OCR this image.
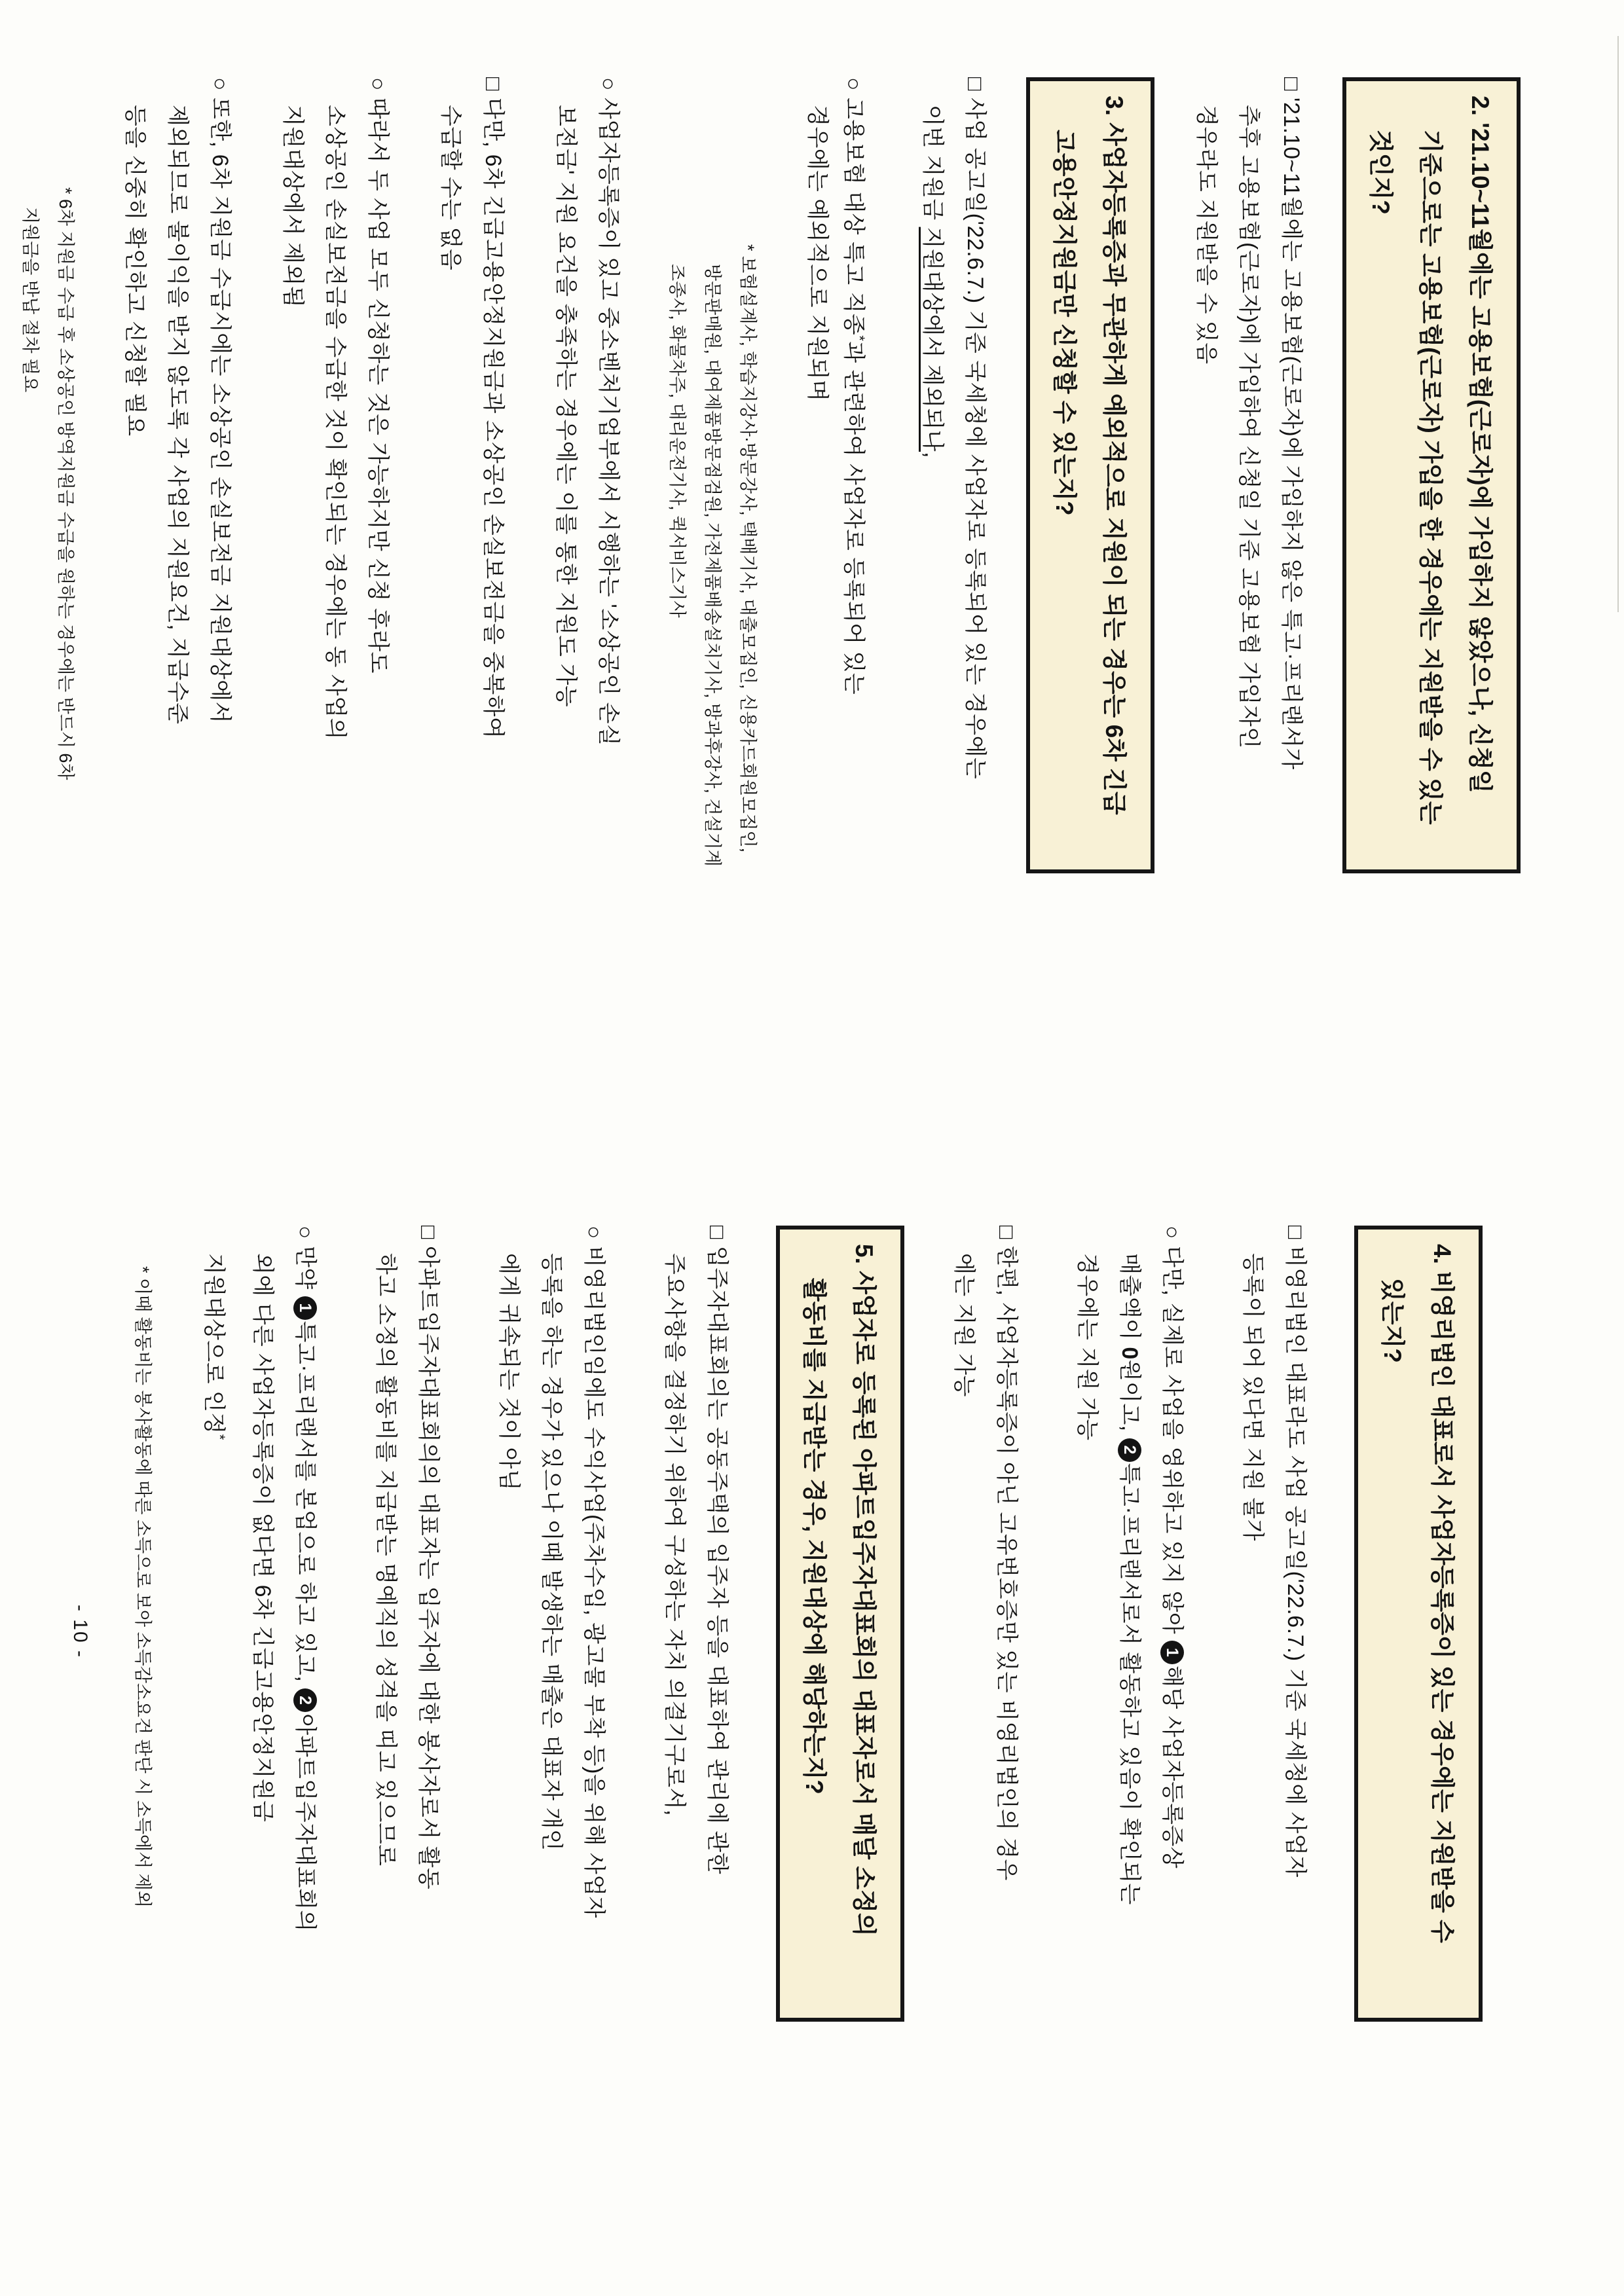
2. '21.10~11월에는 고용보험(근로자)에 가입하지 않았으나, 신청일
기준으로는 고용보험(근로자) 가입을 한 경우에는 지원받을 수 있는
것인지?
□ '21.10~11월에는 고용보험(근로자)에 가입하지 않은 특고·프리랜서가
추후 고용보험(근로자)에 가입하여 신청일 기준 고용보험 가입자인
경우라도 지원받을 수 있음
3. 사업자등록증과 무관하게 예외적으로 지원이 되는 경우는 6차 긴급
고용안정지원금만 신청할 수 있는지?
□ 사업 공고일('22.6.7.) 기준 국세청에 사업자로 등록되어 있는 경우에는
이번 지원금 지원대상에서 제외되나,
○ 고용보험 대상 특고 직종*과 관련하여 사업자로 등록되어 있는
경우에는 예외적으로 지원되며
* 보험설계사, 학습지강사·방문강사, 택배기사, 대출모집인, 신용카드회원모집인,
방문판매원, 대여제품방문점검원, 가전제품배송설치기사, 방과후강사, 건설기계
조종사, 화물차주, 대리운전기사, 퀵서비스기사
○ 사업자등록증이 있고 중소벤처기업부에서 시행하는 '소상공인 손실
보전금' 지원 요건을 충족하는 경우에는 이를 통한 지원도 가능
□ 다만, 6차 긴급고용안정지원금과 소상공인 손실보전금을 중복하여
수급할 수는 없음
○ 따라서 두 사업 모두 신청하는 것은 가능하지만 신청 후라도
소상공인 손실보전금을 수급한 것이 확인되는 경우에는 동 사업의
지원대상에서 제외됨
○ 또한, 6차 지원금 수급시에는 소상공인 손실보전금 지원대상에서
제외되므로 불이익을 받지 않도록 각 사업의 지원요건, 지급수준
등을 신중히 확인하고 신청할 필요
* 6차 지원금 수급 후 소상공인 방역지원금 수급을 원하는 경우에는 반드시 6차
지원금을 반납 절차 필요
4. 비영리법인 대표로서 사업자등록증이 있는 경우에는 지원받을 수
있는지?
□ 비영리법인 대표라도 사업 공고일('22.6.7.) 기준 국세청에 사업자
등록이 되어 있다면 지원 불가
○ 다만, 실제로 사업을 영위하고 있지 않아 1해당 사업자등록증상
매출액이 0원이고, 2특고·프리랜서로서 활동하고 있음이 확인되는
경우에는 지원 가능
□ 한편, 사업자등록증이 아닌 고유번호증만 있는 비영리법인의 경우
에는 지원 가능
5. 사업자로 등록된 아파트입주자대표회의 대표자로서 매달 소정의
활동비를 지급받는 경우, 지원대상에 해당하는지?
□ 입주자대표회의는 공동주택의 입주자 등을 대표하여 관리에 관한
주요사항을 결정하기 위하여 구성하는 자치 의결기구로서,
○ 비영리법인임에도 수익사업(주차수입, 광고물 부착 등)을 위해 사업자
등록을 하는 경우가 있으나 이때 발생하는 매출은 대표자 개인
에게 귀속되는 것이 아님
□ 아파트입주자대표회의의 대표자는 입주자에 대한 봉사자로서 활동
하고 소정의 활동비를 지급받는 명예직의 성격을 띠고 있으므로
○ 만약 1특고·프리랜서를 본업으로 하고 있고, 2아파트입주자대표회의
외에 다른 사업자등록증이 없다면 6차 긴급고용안정지원금
지원대상으로 인정*
* 이때 활동비는 봉사활동에 따른 소득으로 보아 소득감소요건 판단 시 소득에서 제외
- 10 -
